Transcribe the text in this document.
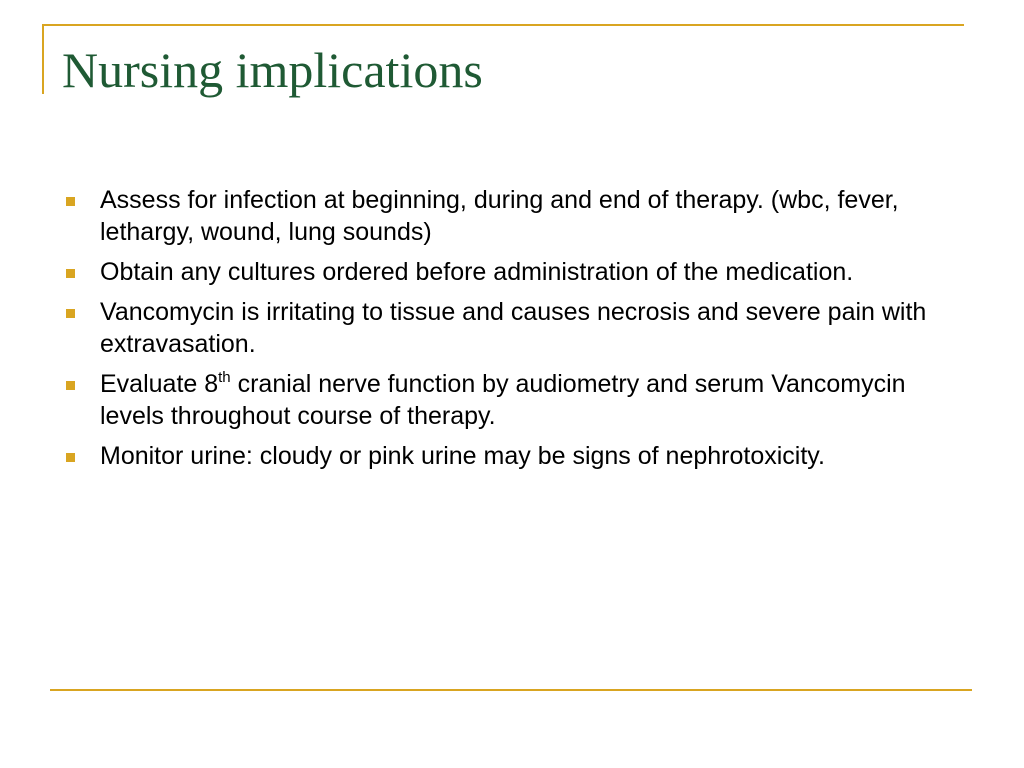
Nursing implications
Assess for infection at beginning, during and end of therapy. (wbc, fever, lethargy, wound, lung sounds)
Obtain any cultures ordered before administration of the medication.
Vancomycin is irritating to tissue and causes necrosis and severe pain with extravasation.
Evaluate 8th cranial nerve function by audiometry and serum Vancomycin levels throughout course of therapy.
Monitor urine: cloudy or pink urine may be signs of nephrotoxicity.
